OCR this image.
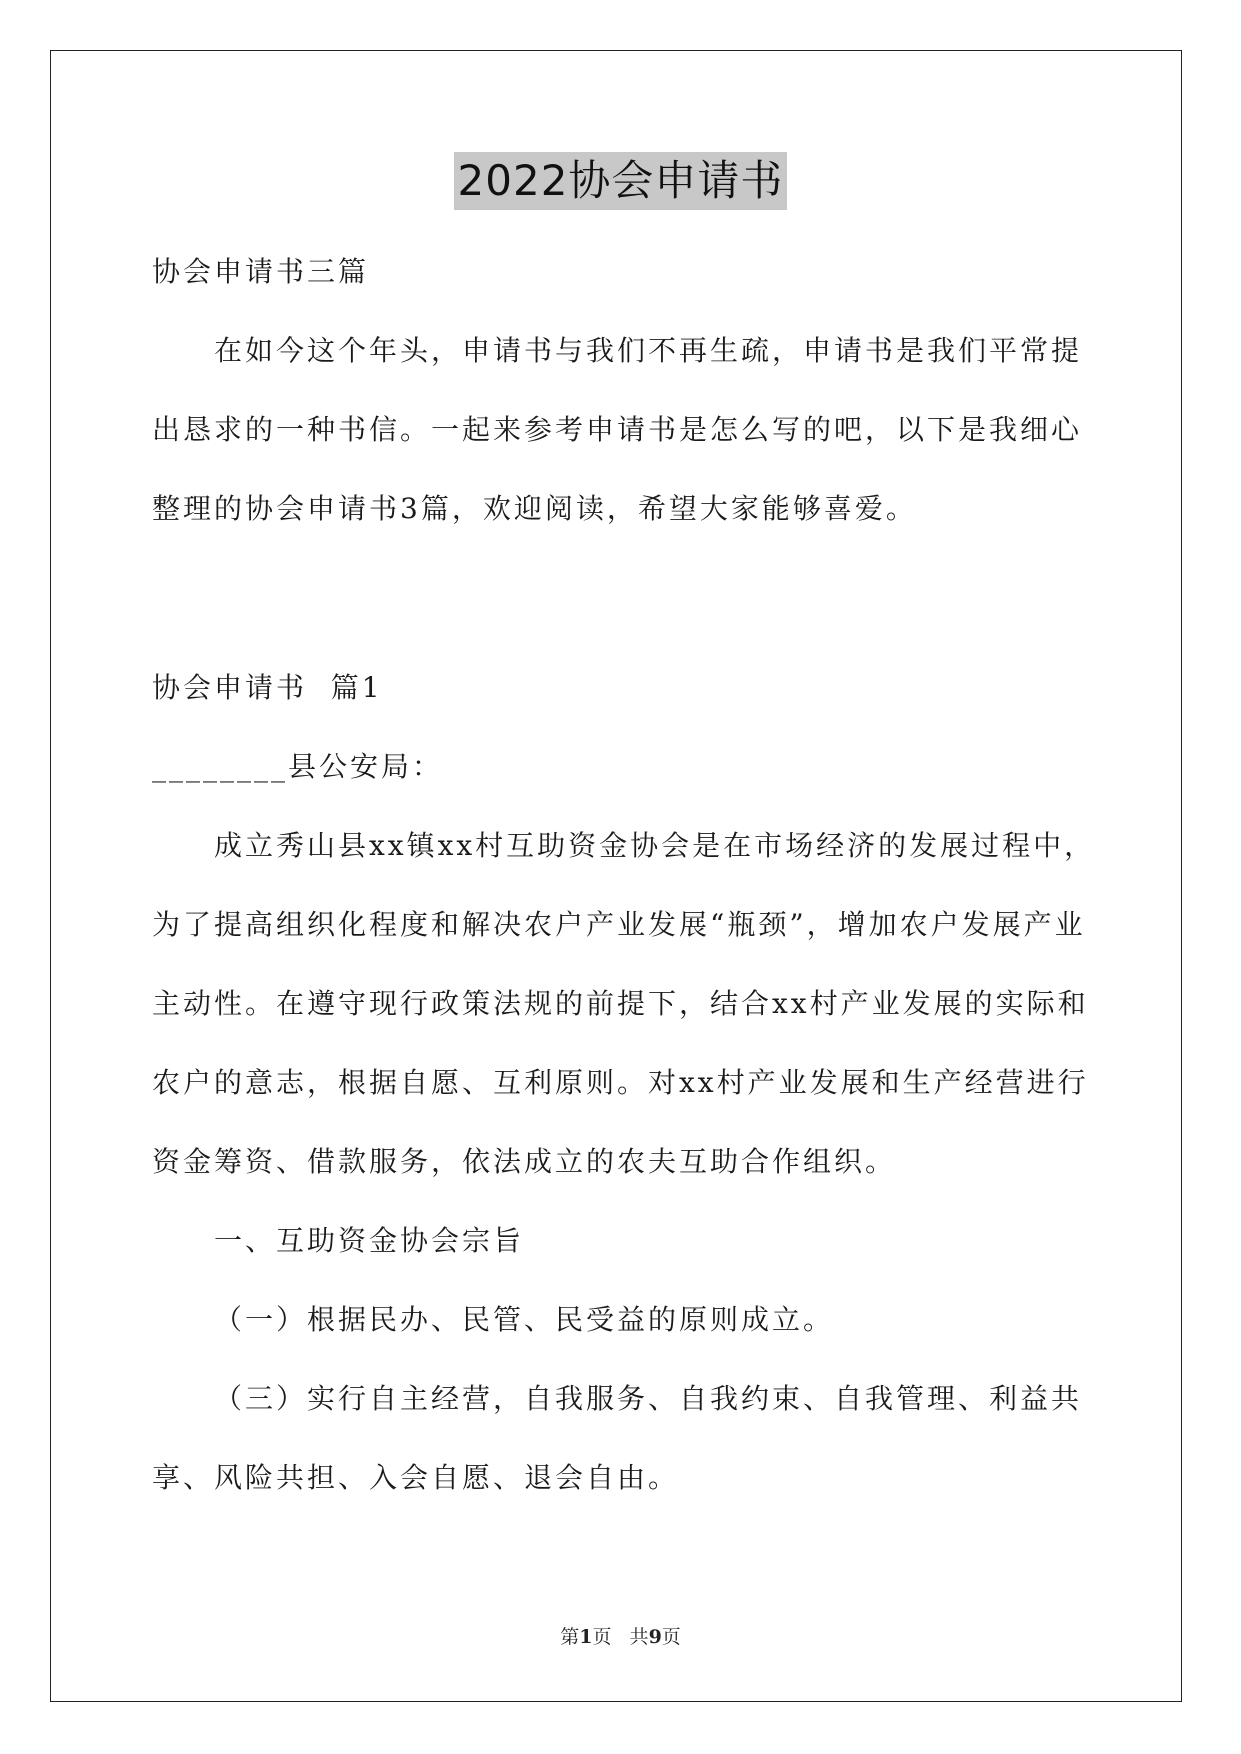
2022协会申请书
协会申请书三篇
在如今这个年头，申请书与我们不再生疏，申请书是我们平常提
出恳求的一种书信。一起来参考申请书是怎么写的吧，以下是我细心
整理的协会申请书3篇，欢迎阅读，希望大家能够喜爱。
协会申请书  篇1
________县公安局：
成立秀山县xx镇xx村互助资金协会是在市场经济的发展过程中，
为了提高组织化程度和解决农户产业发展“瓶颈”，增加农户发展产业
主动性。在遵守现行政策法规的前提下，结合xx村产业发展的实际和
农户的意志，根据自愿、互利原则。对xx村产业发展和生产经营进行
资金筹资、借款服务，依法成立的农夫互助合作组织。
一、互助资金协会宗旨
（一）根据民办、民管、民受益的原则成立。
（三）实行自主经营，自我服务、自我约束、自我管理、利益共
享、风险共担、入会自愿、退会自由。
第1页   共9页
